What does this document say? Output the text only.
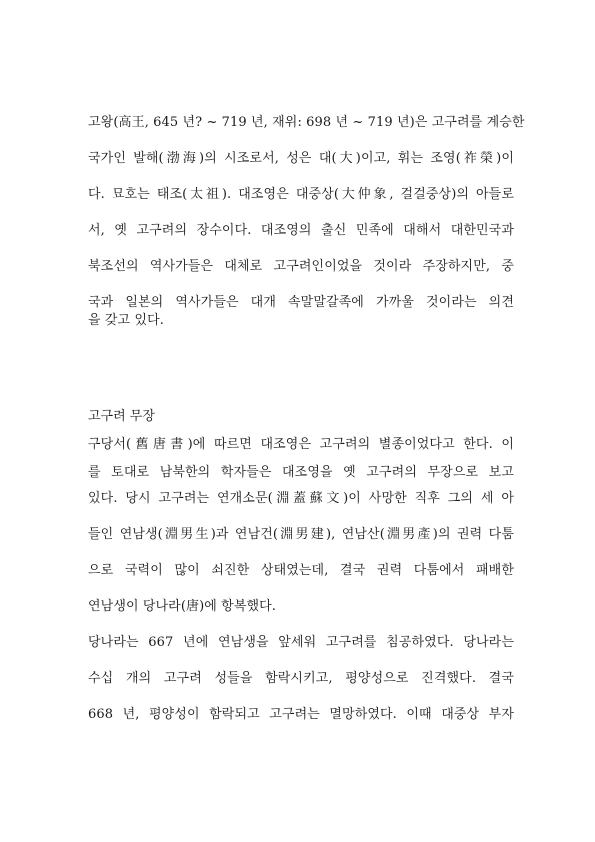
고왕(高王, 645 년? ~ 719 년, 재위: 698 년 ~ 719 년)은 고구려를 계승한
국가인 발해(渤海)의 시조로서, 성은 대(大)이고, 휘는 조영(祚榮)이
다. 묘호는 태조(太祖). 대조영은 대중상(大仲象, 걸걸중상)의 아들로
서, 옛 고구려의 장수이다. 대조영의 출신 민족에 대해서 대한민국과
북조선의 역사가들은 대체로 고구려인이었을 것이라 주장하지만, 중
국과 일본의 역사가들은 대개 속말말갈족에 가까울 것이라는 의견
을 갖고 있다.
고구려 무장
구당서(舊唐書)에 따르면 대조영은 고구려의 별종이었다고 한다. 이
를 토대로 남북한의 학자들은 대조영을 옛 고구려의 무장으로 보고
있다. 당시 고구려는 연개소문(淵蓋蘇文)이 사망한 직후 그의 세 아
들인 연남생(淵男生)과 연남건(淵男建), 연남산(淵男產)의 권력 다툼
으로 국력이 많이 쇠진한 상태였는데, 결국 권력 다툼에서 패배한
연남생이 당나라(唐)에 항복했다.
당나라는 667 년에 연남생을 앞세워 고구려를 침공하였다. 당나라는
수십 개의 고구려 성들을 함락시키고, 평양성으로 진격했다. 결국
668 년, 평양성이 함락되고 고구려는 멸망하였다. 이때 대중상 부자
